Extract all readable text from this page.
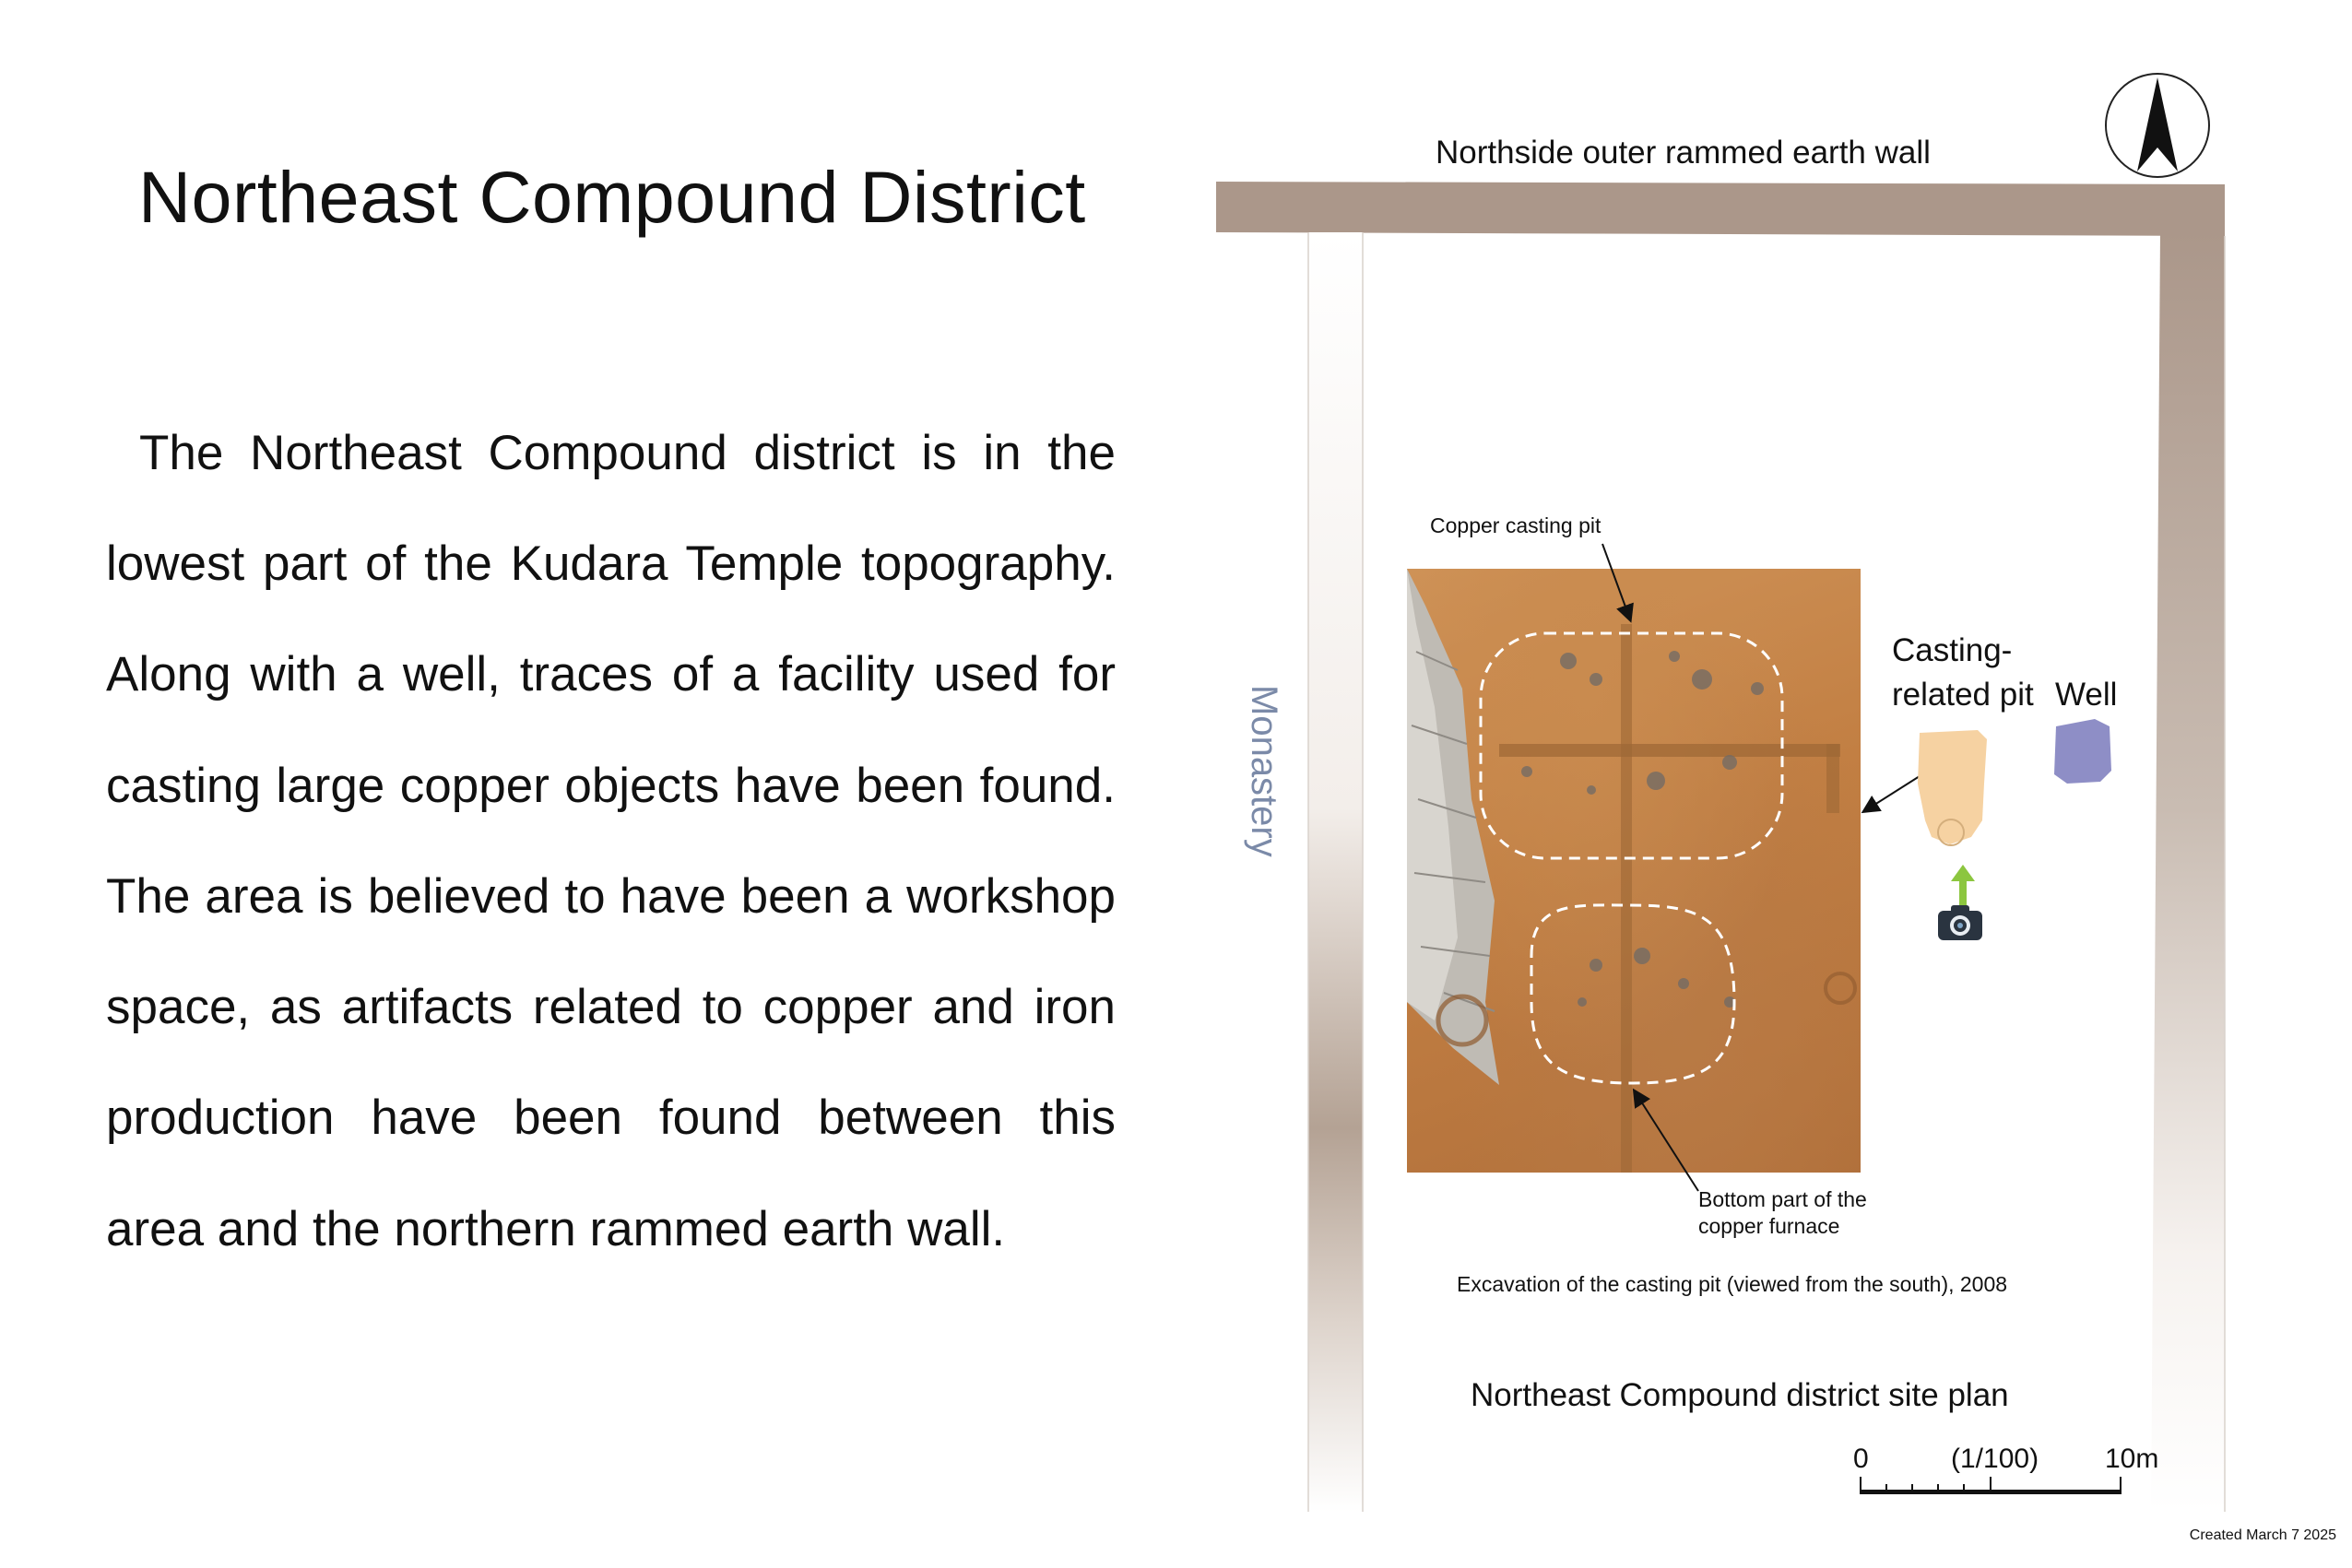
Northeast Compound District
The Northeast Compound district is in the
lowest part of the Kudara Temple topography.
Along with a well, traces of a facility used for
casting large copper objects have been found.
The area is believed to have been a workshop
space, as artifacts related to copper and iron
production have been found between this
area and the northern rammed earth wall.
Northside outer rammed earth wall
Monastery
Copper casting pit
Casting-
related pit Well
Bottom part of the
copper furnace
Excavation of the casting pit (viewed from the south), 2008
Northeast Compound district site plan
0	(1/100) 10m
Created March 7 2025
